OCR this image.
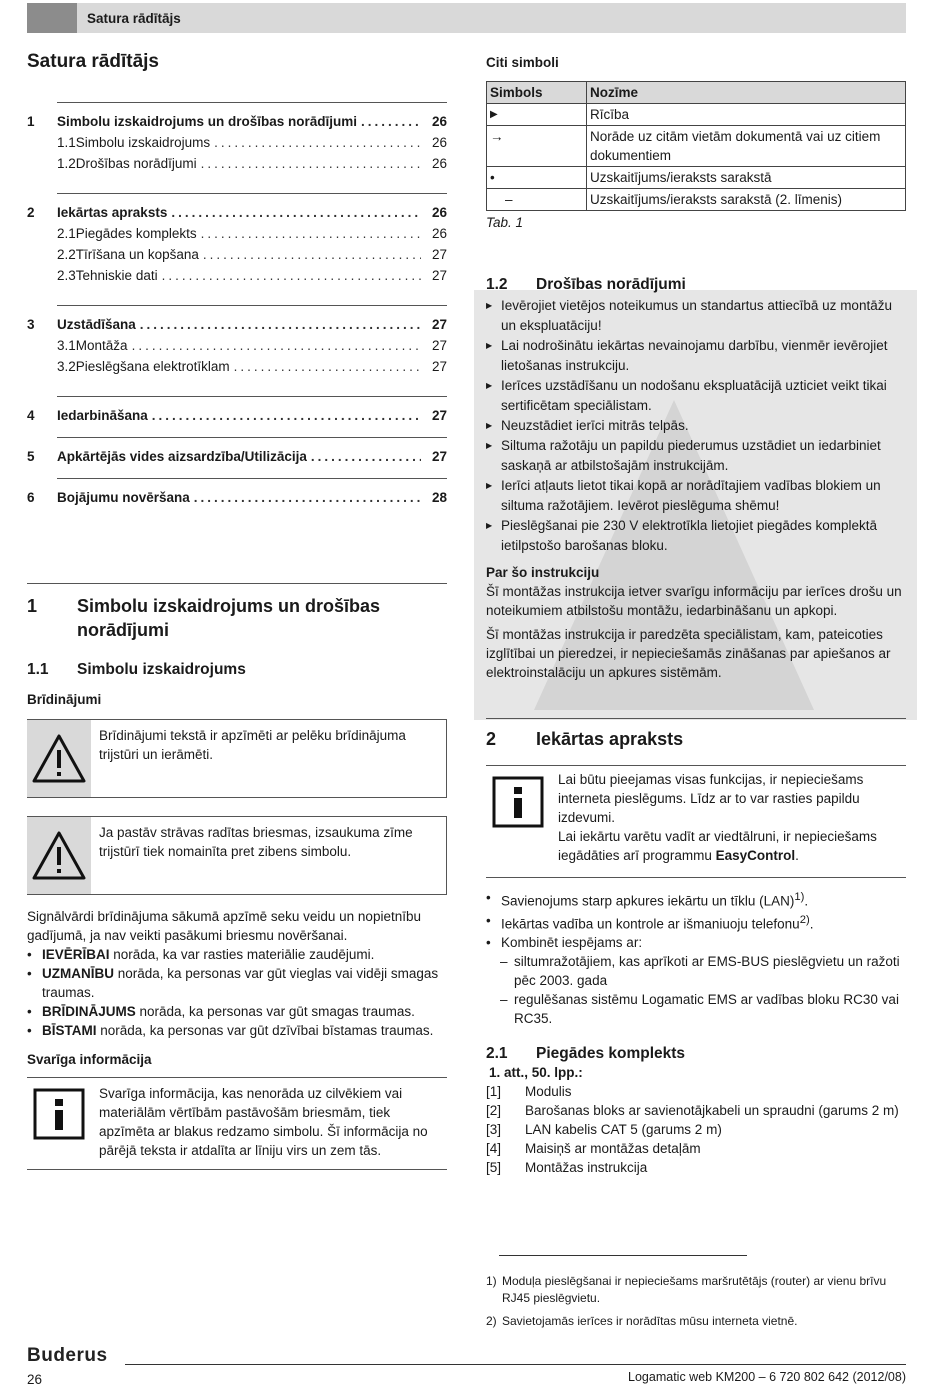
Satura rādītājs
Satura rādītājs
1	Simbolu izskaidrojums un drošības norādījumi .....	26
1.1 Simbolu izskaidrojums .....	26
1.2 Drošības norādījumi .....	26
2	Iekārtas apraksts .....	26
2.1 Piegādes komplekts .....	26
2.2 Tīrīšana un kopšana .....	27
2.3 Tehniskie dati .....	27
3	Uzstādīšana .....	27
3.1 Montāža .....	27
3.2 Pieslēgšana elektrotīklam .....	27
4	Iedarbināšana .....	27
5	Apkārtējās vides aizsardzība/Utilizācija .....	27
6	Bojājumu novēršana .....	28
1	Simbolu izskaidrojums un drošības
norādījumi
1.1	Simbolu izskaidrojums
Brīdinājumi
Brīdinājumi tekstā ir apzīmēti ar pelēku brīdinājuma trijstūri un ierāmēti.
Ja pastāv strāvas radītas briesmas, izsaukuma zīme trijstūrī tiek nomainīta pret zibens simbolu.
Signālvārdi brīdinājuma sākumā apzīmē seku veidu un nopietnību gadījumā, ja nav veikti pasākumi briesmu novēršanai.
• IEVĒRĪBAI norāda, ka var rasties materiālie zaudējumi.
• UZMANĪBU norāda, ka personas var gūt vieglas vai vidēji smagas traumas.
• BRĪDINĀJUMS norāda, ka personas var gūt smagas traumas.
• BĪSTAMI norāda, ka personas var gūt dzīvībai bīstamas traumas.
Svarīga informācija
Svarīga informācija, kas nenorāda uz cilvēkiem vai materiālām vērtībām pastāvošām briesmām, tiek apzīmēta ar blakus redzamo simbolu. Šī informācija no pārējā teksta ir atdalīta ar līniju virs un zem tās.
Citi simboli
Simbols	Nozīme
▶	Rīcība
→	Norāde uz citām vietām dokumentā vai uz citiem dokumentiem
•	Uzskaitījums/ieraksts sarakstā
–	Uzskaitījums/ieraksts sarakstā (2. līmenis)
Tab. 1
1.2	Drošības norādījumi
▶ Ievērojiet vietējos noteikumus un standartus attiecībā uz montāžu un ekspluatāciju!
▶ Lai nodrošinātu iekārtas nevainojamu darbību, vienmēr ievērojiet lietošanas instrukciju.
▶ Ierīces uzstādīšanu un nodošanu ekspluatācijā uzticiet veikt tikai sertificētam speciālistam.
▶ Neuzstādiet ierīci mitrās telpās.
▶ Siltuma ražotāju un papildu piederumus uzstādiet un iedarbiniet saskaņā ar atbilstošajām instrukcijām.
▶ Ierīci atļauts lietot tikai kopā ar norādītajiem vadības blokiem un siltuma ražotājiem. Ievērot pieslēguma shēmu!
▶ Pieslēgšanai pie 230 V elektrotīkla lietojiet piegādes komplektā ietilpstošo barošanas bloku.
Par šo instrukciju
Šī montāžas instrukcija ietver svarīgu informāciju par ierīces drošu un noteikumiem atbilstošu montāžu, iedarbināšanu un apkopi.
Šī montāžas instrukcija ir paredzēta speciālistam, kam, pateicoties izglītībai un pieredzei, ir nepieciešamās zināšanas par apiešanos ar elektroinstalāciju un apkures sistēmām.
2	Iekārtas apraksts
Lai būtu pieejamas visas funkcijas, ir nepieciešams interneta pieslēgums. Līdz ar to var rasties papildu izdevumi.
Lai iekārtu varētu vadīt ar viedtālruni, ir nepieciešams iegādāties arī programmu EasyControl.
• Savienojums starp apkures iekārtu un tīklu (LAN)$^{1)}$.
• Iekārtas vadība un kontrole ar išmaniuoju telefonu$^{2)}$.
• Kombinēt iespējams ar:
– siltumražotājiem, kas aprīkoti ar EMS-BUS pieslēgvietu un ražoti pēc 2003. gada
– regulēšanas sistēmu Logamatic EMS ar vadības bloku RC30 vai RC35.
2.1	Piegādes komplekts
1. att., 50. lpp.:
[1]	Modulis
[2]	Barošanas bloks ar savienotājkabeli un spraudni (garums 2 m)
[3]	LAN kabelis CAT 5 (garums 2 m)
[4]	Maisiņš ar montāžas detaļām
[5]	Montāžas instrukcija
1) Moduļa pieslēgšanai ir nepieciešams maršrutētājs (router) ar vienu brīvu RJ45 pieslēgvietu.
2) Savietojamās ierīces ir norādītas mūsu interneta vietnē.
Buderus
26	Logamatic web KM200 – 6 720 802 642 (2012/08)
